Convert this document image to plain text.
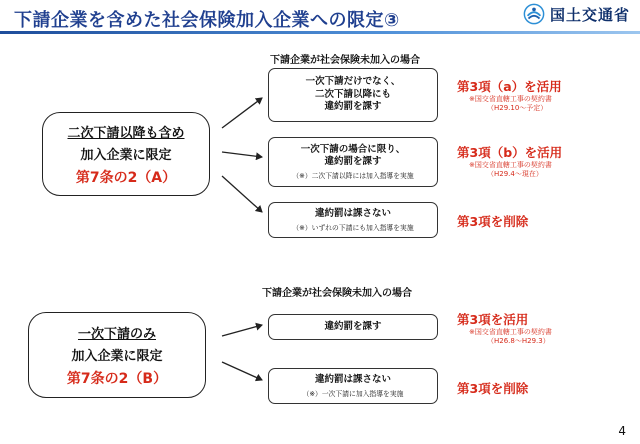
下請企業を含めた社会保険加入企業への限定③	国土交通省
下請企業が社会保険未加入の場合
二次下請以降も含め
加入企業に限定
第7条の2（A）
一次下請だけでなく、
二次下請以降にも
違約罰を課す
一次下請の場合に限り、
違約罰を課す
（※）二次下請以降には加入指導を実施
違約罰は課さない
（※）いずれの下請にも加入指導を実施
第3項（a）を活用
※国交省直轄工事の契約書
（H29.10～予定）
第3項（b）を活用
※国交省直轄工事の契約書
（H29.4～現在）
第3項を削除
下請企業が社会保険未加入の場合
一次下請のみ
加入企業に限定
第7条の2（B）
違約罰を課す
違約罰は課さない
（※）一次下請に加入指導を実施
第3項を活用
※国交省直轄工事の契約書
（H26.8～H29.3）
第3項を削除
4
